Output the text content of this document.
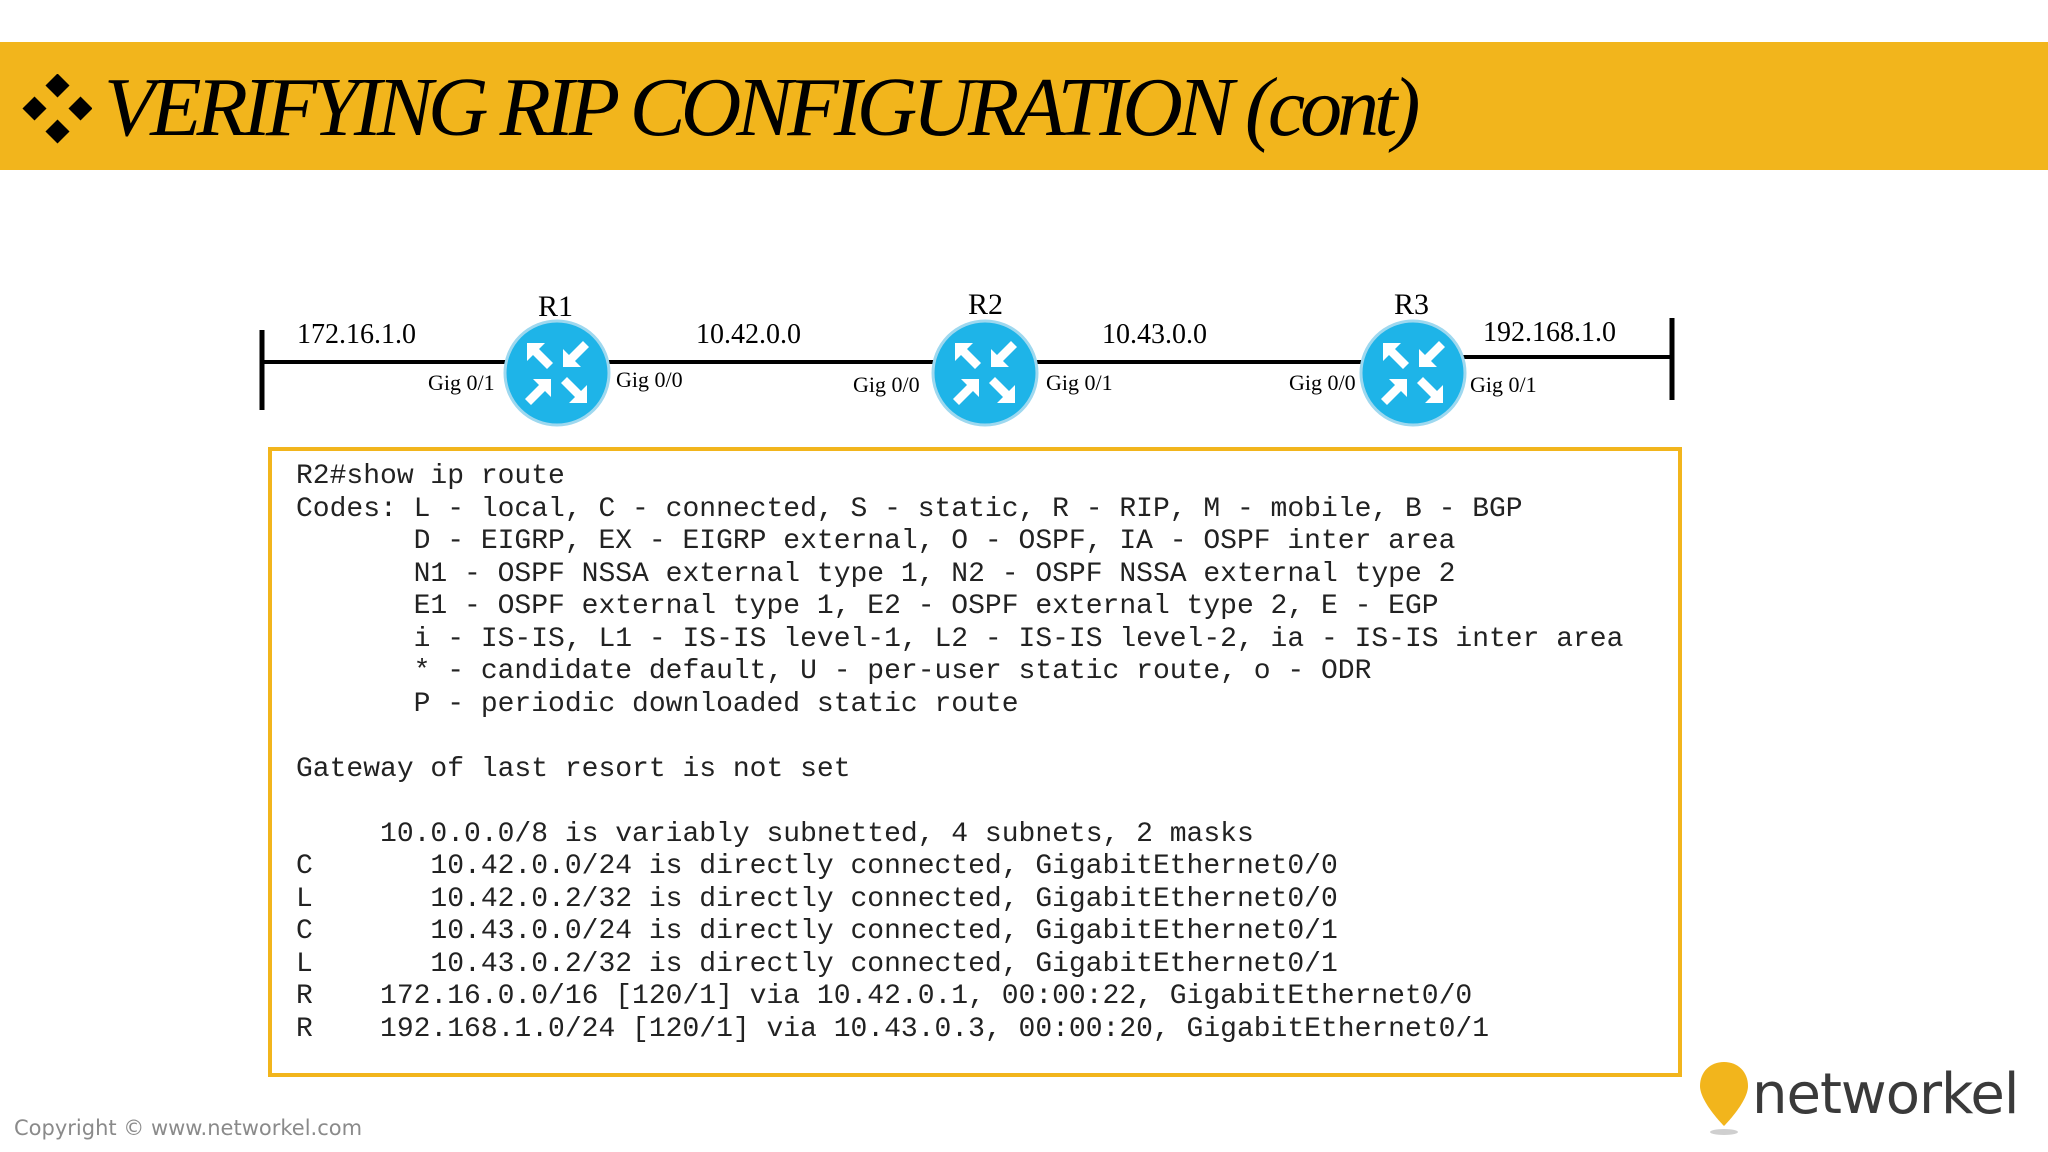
VERIFYING RIP CONFIGURATION (cont)
172.16.1.0	10.42.0.0	10.43.0.0	192.168.1.0
R1
Gig 0/1	Gig 0/0
R2
Gig 0/0	Gig 0/1
R3
Gig 0/0	Gig 0/1
R2#show ip route
Codes: L - local, C - connected, S - static, R - RIP, M - mobile, B - BGP
D - EIGRP, EX - EIGRP external, O - OSPF, IA - OSPF inter area
N1 - OSPF NSSA external type 1, N2 - OSPF NSSA external type 2
E1 - OSPF external type 1, E2 - OSPF external type 2, E - EGP
i - IS-IS, L1 - IS-IS level-1, L2 - IS-IS level-2, ia - IS-IS inter area
* - candidate default, U - per-user static route, o - ODR
P - periodic downloaded static route

Gateway of last resort is not set

10.0.0.0/8 is variably subnetted, 4 subnets, 2 masks
C       10.42.0.0/24 is directly connected, GigabitEthernet0/0
L       10.42.0.2/32 is directly connected, GigabitEthernet0/0
C       10.43.0.0/24 is directly connected, GigabitEthernet0/1
L       10.43.0.2/32 is directly connected, GigabitEthernet0/1
R    172.16.0.0/16 [120/1] via 10.42.0.1, 00:00:22, GigabitEthernet0/0
R    192.168.1.0/24 [120/1] via 10.43.0.3, 00:00:20, GigabitEthernet0/1
Copyright © www.networkel.com
networkel
